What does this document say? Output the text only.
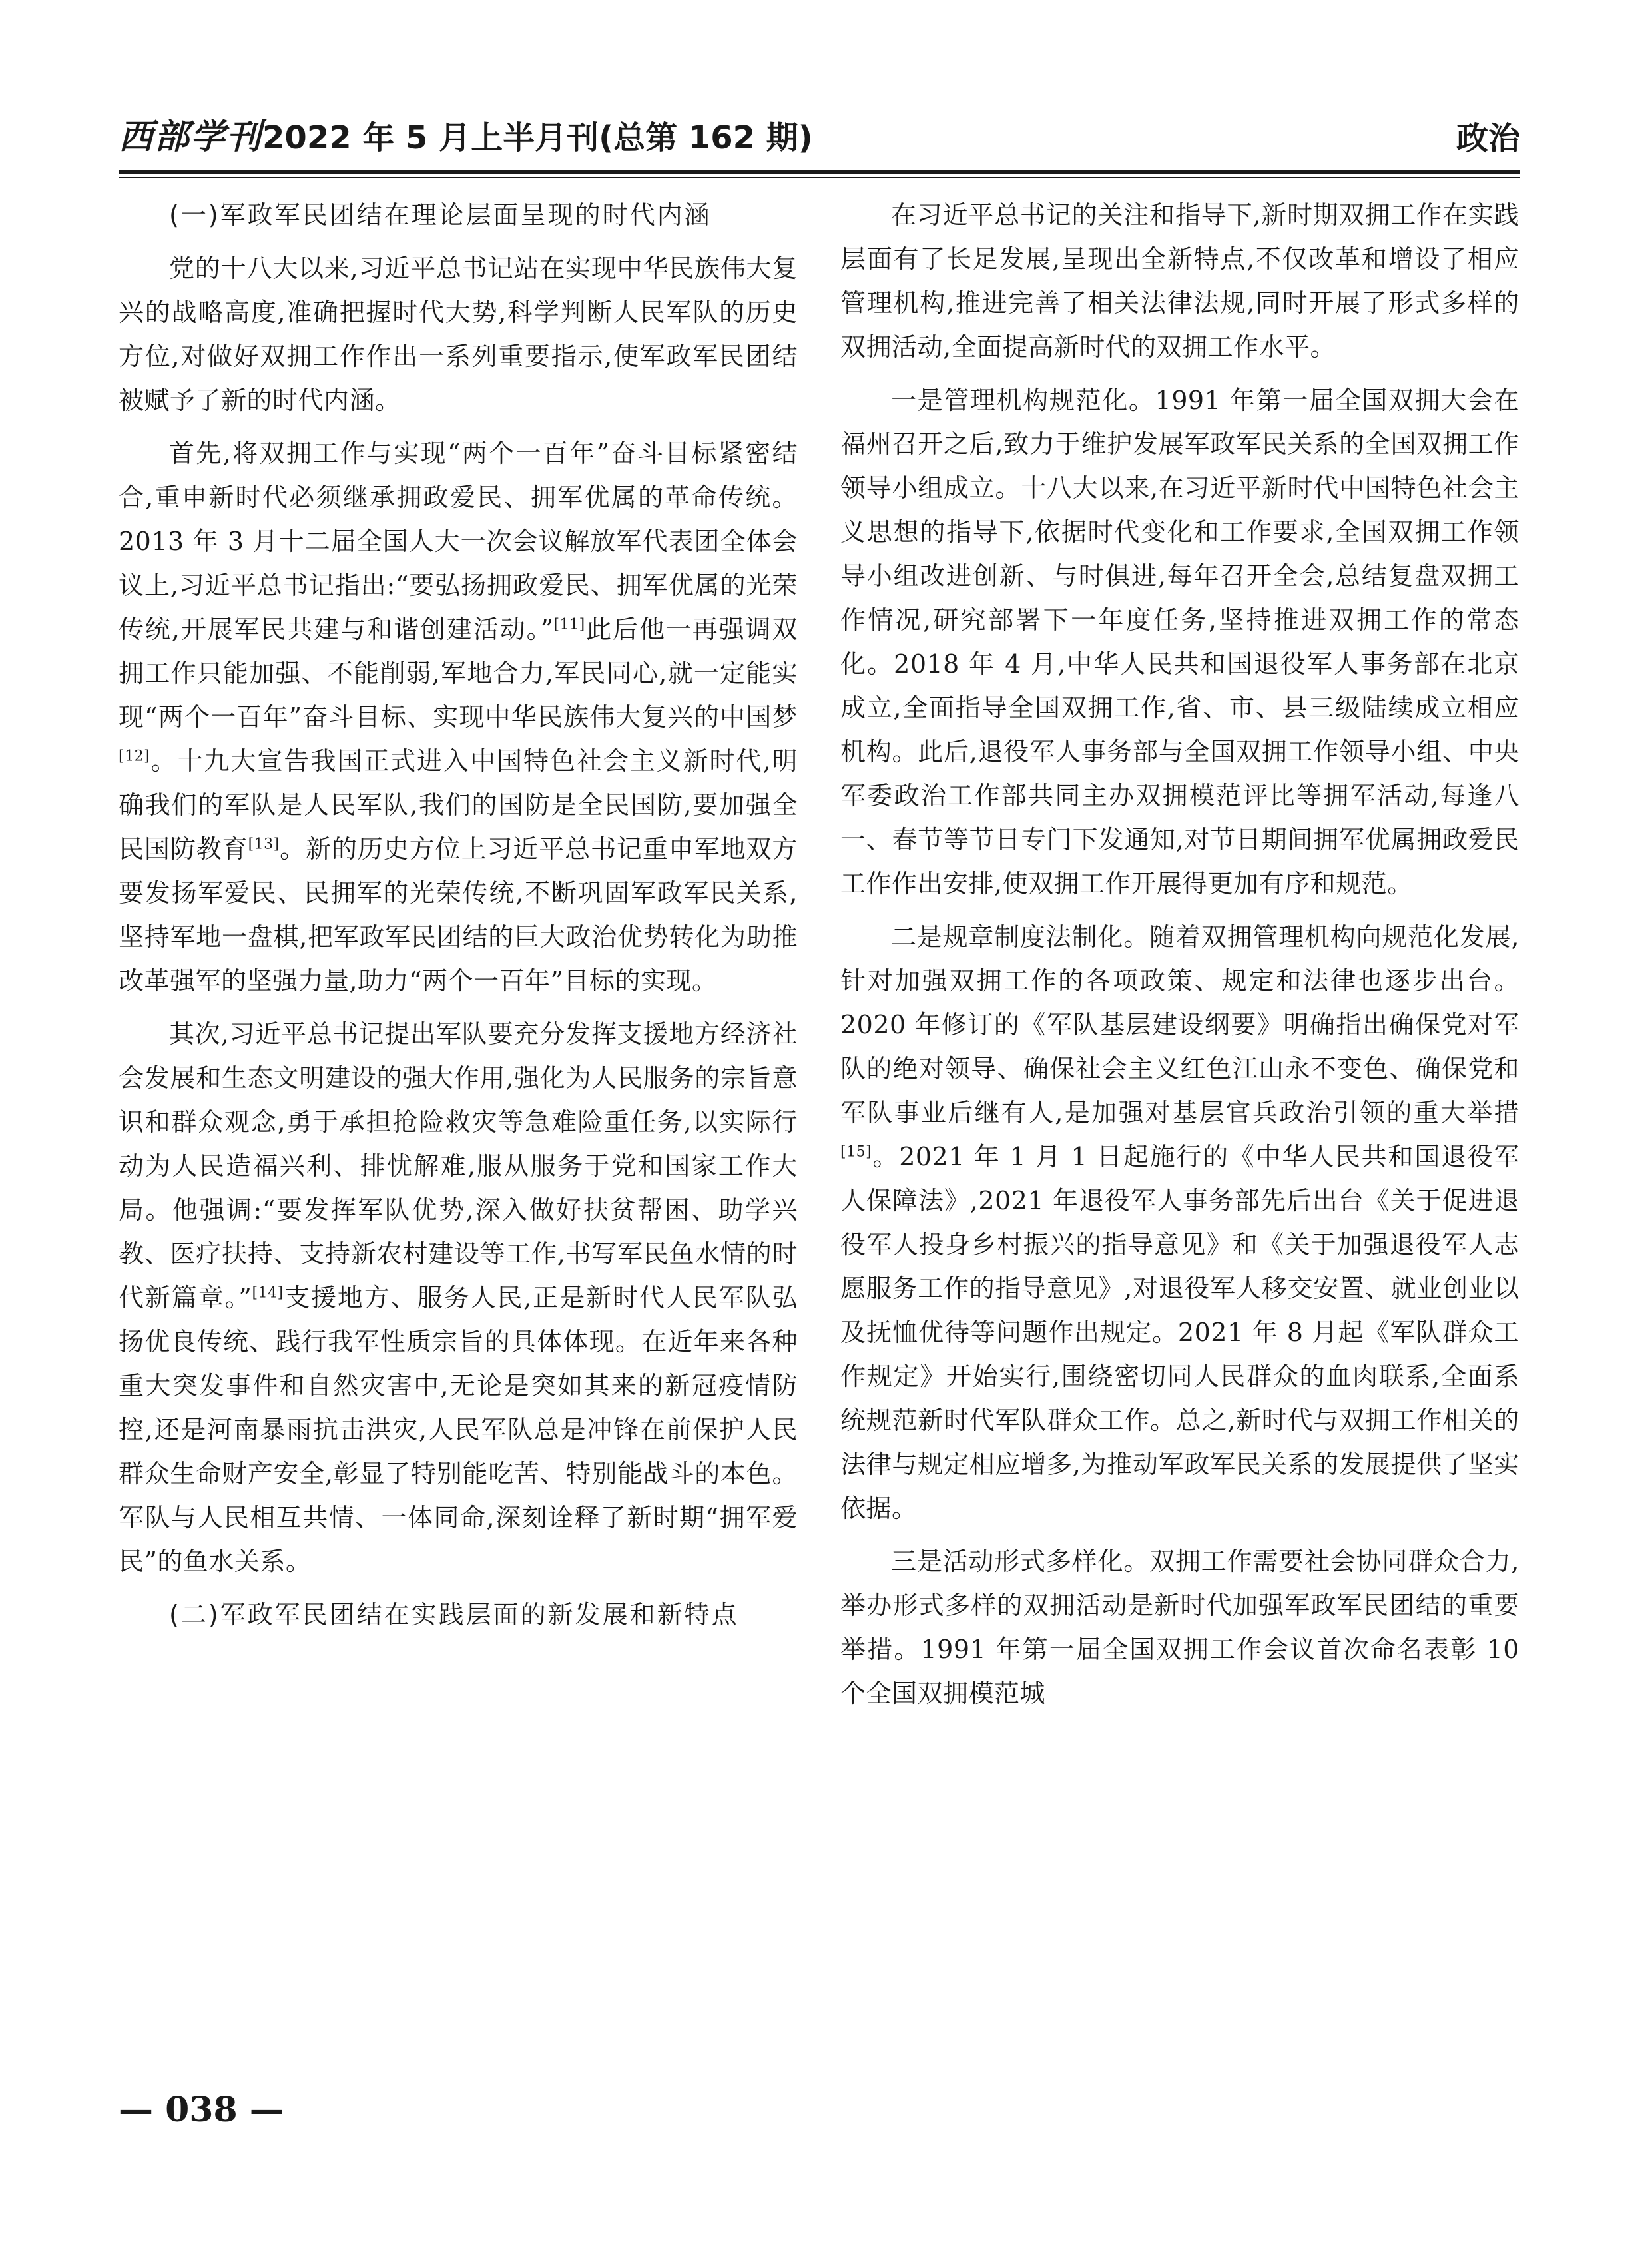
西部学刊2022 年 5 月上半月刊(总第 162 期)	政治

(一)军政军民团结在理论层面呈现的时代内涵

党的十八大以来,习近平总书记站在实现中华民族伟大复兴的战略高度,准确把握时代大势,科学判断人民军队的历史方位,对做好双拥工作作出一系列重要指示,使军政军民团结被赋予了新的时代内涵。

首先,将双拥工作与实现“两个一百年”奋斗目标紧密结合,重申新时代必须继承拥政爱民、拥军优属的革命传统。2013 年 3 月十二届全国人大一次会议解放军代表团全体会议上,习近平总书记指出:“要弘扬拥政爱民、拥军优属的光荣传统,开展军民共建与和谐创建活动。”[11]此后他一再强调双拥工作只能加强、不能削弱,军地合力,军民同心,就一定能实现“两个一百年”奋斗目标、实现中华民族伟大复兴的中国梦[12]。十九大宣告我国正式进入中国特色社会主义新时代,明确我们的军队是人民军队,我们的国防是全民国防,要加强全民国防教育[13]。新的历史方位上习近平总书记重申军地双方要发扬军爱民、民拥军的光荣传统,不断巩固军政军民关系,坚持军地一盘棋,把军政军民团结的巨大政治优势转化为助推改革强军的坚强力量,助力“两个一百年”目标的实现。

其次,习近平总书记提出军队要充分发挥支援地方经济社会发展和生态文明建设的强大作用,强化为人民服务的宗旨意识和群众观念,勇于承担抢险救灾等急难险重任务,以实际行动为人民造福兴利、排忧解难,服从服务于党和国家工作大局。他强调:“要发挥军队优势,深入做好扶贫帮困、助学兴教、医疗扶持、支持新农村建设等工作,书写军民鱼水情的时代新篇章。”[14]支援地方、服务人民,正是新时代人民军队弘扬优良传统、践行我军性质宗旨的具体体现。在近年来各种重大突发事件和自然灾害中,无论是突如其来的新冠疫情防控,还是河南暴雨抗击洪灾,人民军队总是冲锋在前保护人民群众生命财产安全,彰显了特别能吃苦、特别能战斗的本色。军队与人民相互共情、一体同命,深刻诠释了新时期“拥军爱民”的鱼水关系。

(二)军政军民团结在实践层面的新发展和新特点

在习近平总书记的关注和指导下,新时期双拥工作在实践层面有了长足发展,呈现出全新特点,不仅改革和增设了相应管理机构,推进完善了相关法律法规,同时开展了形式多样的双拥活动,全面提高新时代的双拥工作水平。

一是管理机构规范化。1991 年第一届全国双拥大会在福州召开之后,致力于维护发展军政军民关系的全国双拥工作领导小组成立。十八大以来,在习近平新时代中国特色社会主义思想的指导下,依据时代变化和工作要求,全国双拥工作领导小组改进创新、与时俱进,每年召开全会,总结复盘双拥工作情况,研究部署下一年度任务,坚持推进双拥工作的常态化。2018 年 4 月,中华人民共和国退役军人事务部在北京成立,全面指导全国双拥工作,省、市、县三级陆续成立相应机构。此后,退役军人事务部与全国双拥工作领导小组、中央军委政治工作部共同主办双拥模范评比等拥军活动,每逢八一、春节等节日专门下发通知,对节日期间拥军优属拥政爱民工作作出安排,使双拥工作开展得更加有序和规范。

二是规章制度法制化。随着双拥管理机构向规范化发展,针对加强双拥工作的各项政策、规定和法律也逐步出台。2020 年修订的《军队基层建设纲要》明确指出确保党对军队的绝对领导、确保社会主义红色江山永不变色、确保党和军队事业后继有人,是加强对基层官兵政治引领的重大举措[15]。2021 年 1 月 1 日起施行的《中华人民共和国退役军人保障法》,2021 年退役军人事务部先后出台《关于促进退役军人投身乡村振兴的指导意见》和《关于加强退役军人志愿服务工作的指导意见》,对退役军人移交安置、就业创业以及抚恤优待等问题作出规定。2021 年 8 月起《军队群众工作规定》开始实行,围绕密切同人民群众的血肉联系,全面系统规范新时代军队群众工作。总之,新时代与双拥工作相关的法律与规定相应增多,为推动军政军民关系的发展提供了坚实依据。

三是活动形式多样化。双拥工作需要社会协同群众合力,举办形式多样的双拥活动是新时代加强军政军民团结的重要举措。1991 年第一届全国双拥工作会议首次命名表彰 10 个全国双拥模范城

— 038 —
